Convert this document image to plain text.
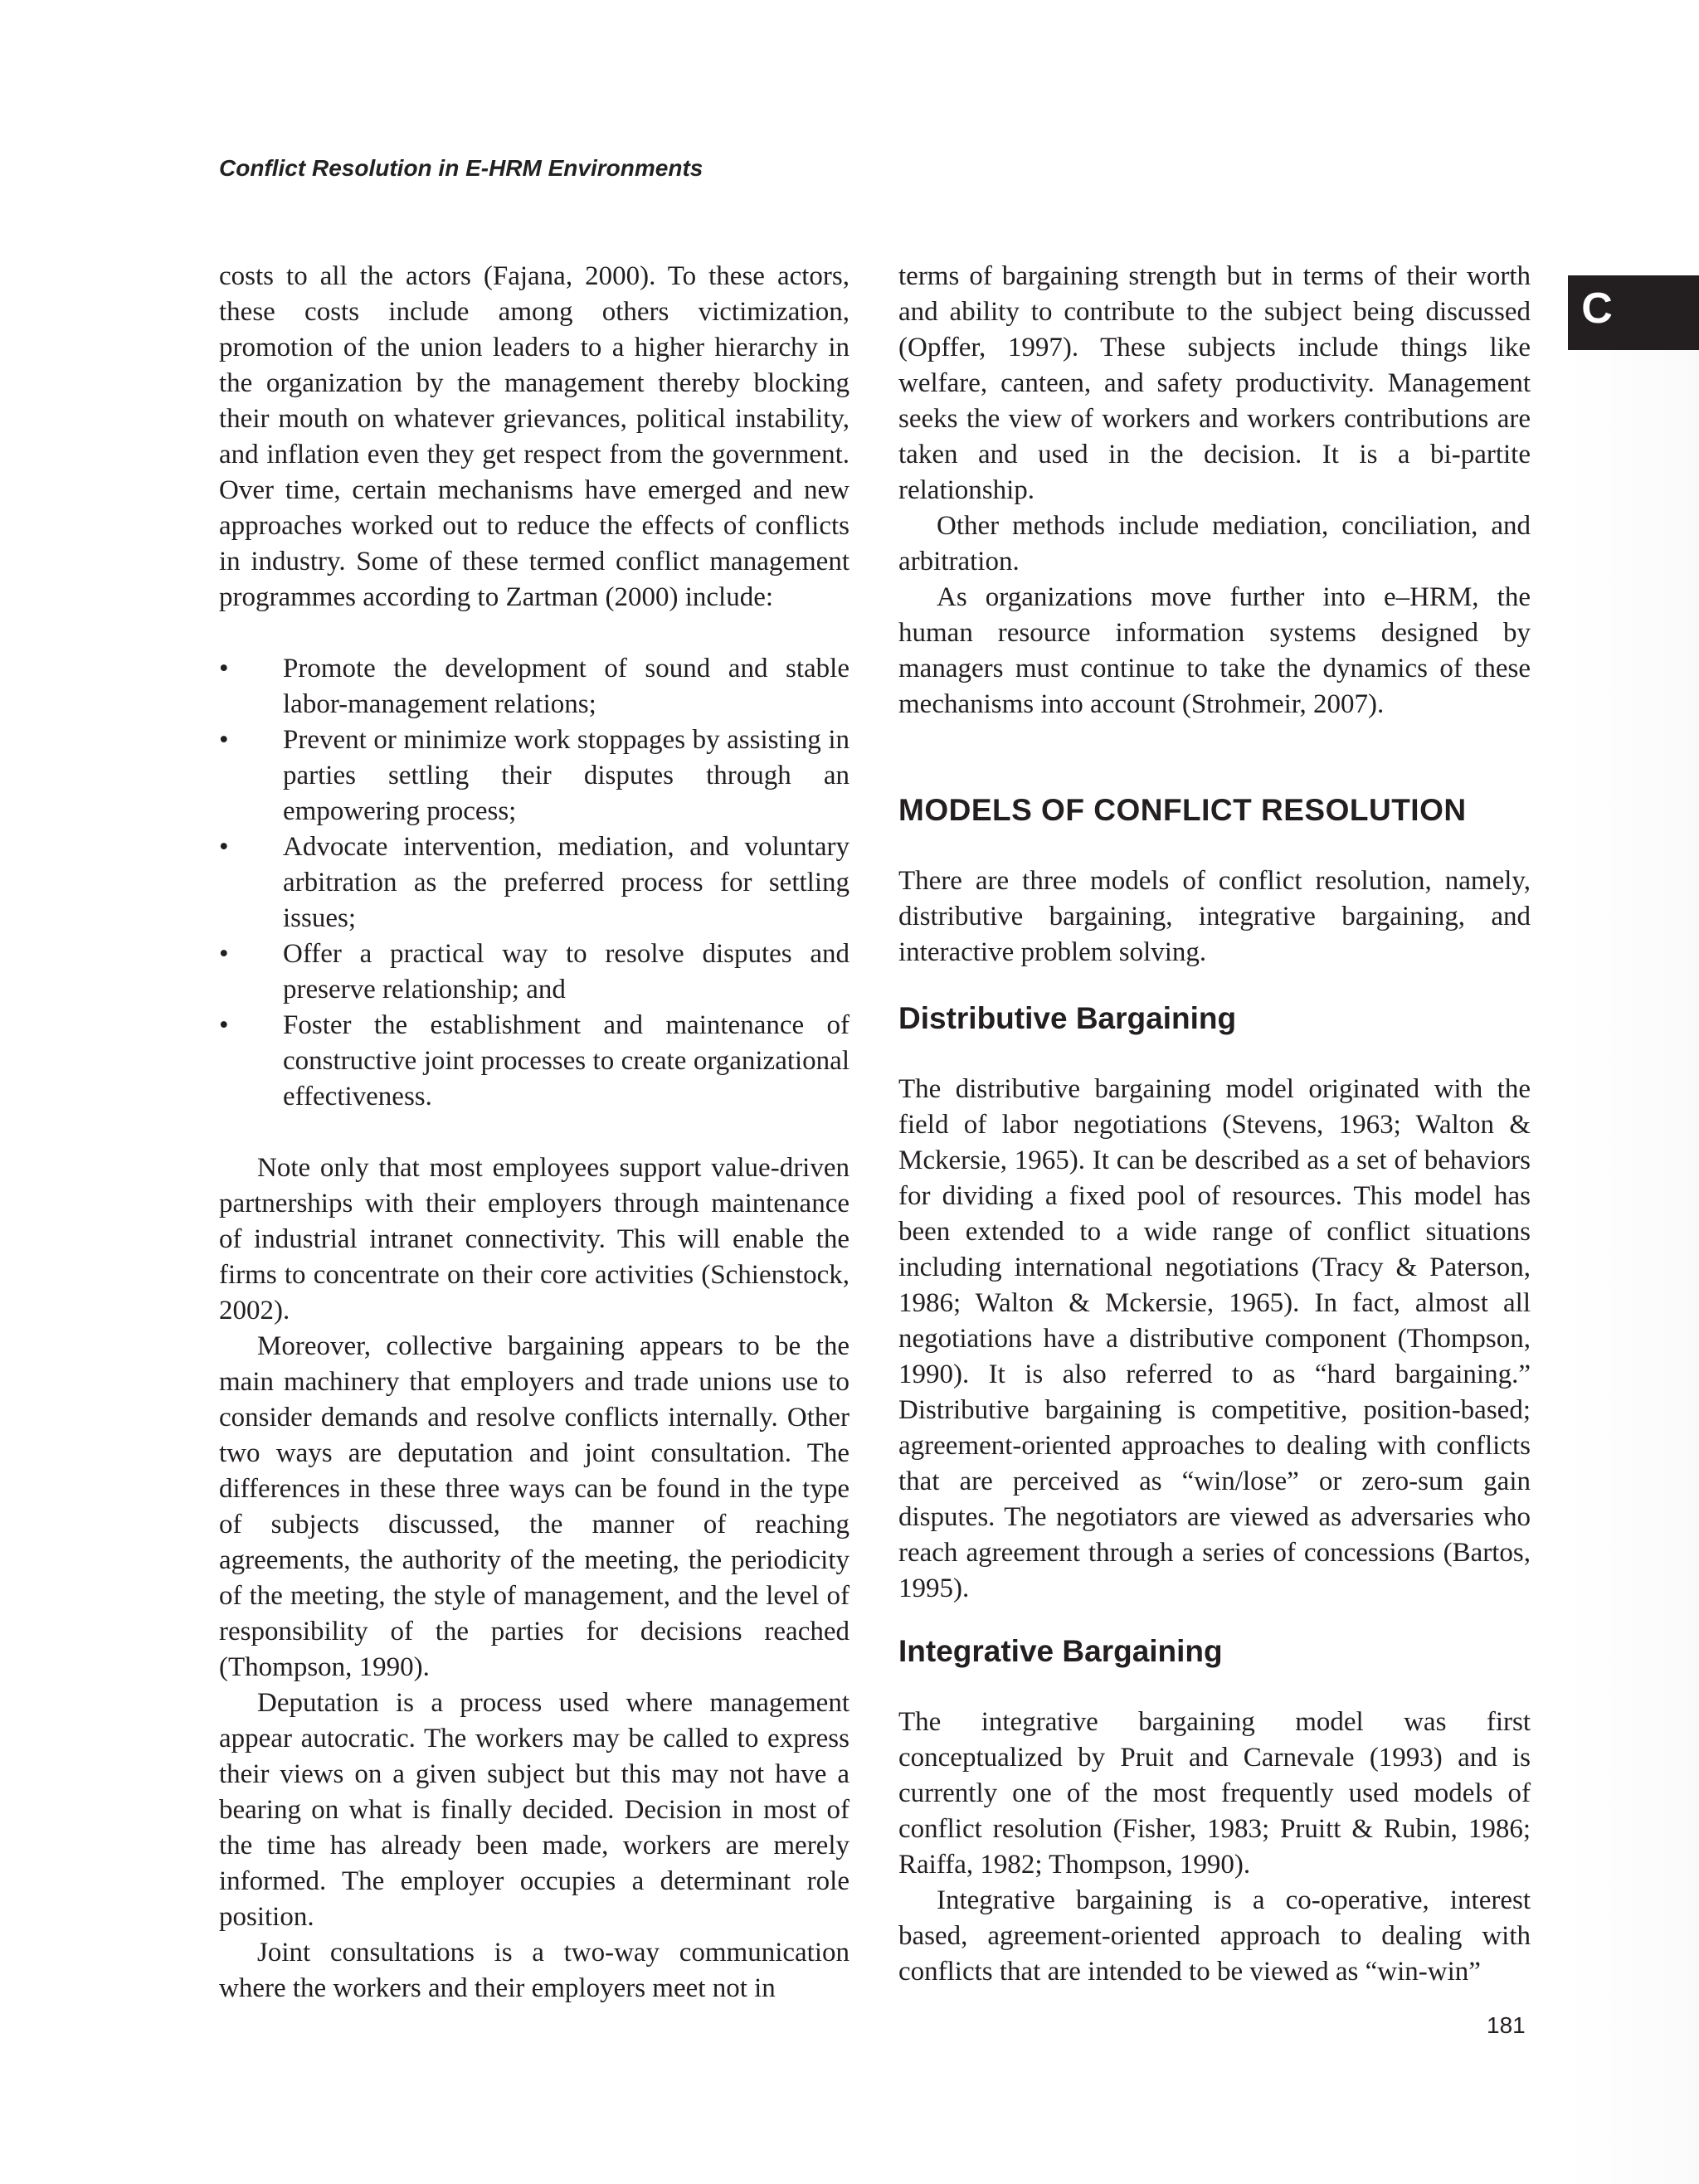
Conflict Resolution in E-HRM Environments
C

costs to all the actors (Fajana, 2000). To these actors, these costs include among others victimization, promotion of the union leaders to a higher hierarchy in the organization by the management thereby blocking their mouth on whatever grievances, political instability, and inflation even they get respect from the government. Over time, certain mechanisms have emerged and new approaches worked out to reduce the effects of conflicts in industry. Some of these termed conflict management programmes according to Zartman (2000) include:

• Promote the development of sound and stable labor-management relations;
• Prevent or minimize work stoppages by assisting in parties settling their disputes through an empowering process;
• Advocate intervention, mediation, and voluntary arbitration as the preferred process for settling issues;
• Offer a practical way to resolve disputes and preserve relationship; and
• Foster the establishment and maintenance of constructive joint processes to create organizational effectiveness.

Note only that most employees support value-driven partnerships with their employers through maintenance of industrial intranet connectivity. This will enable the firms to concentrate on their core activities (Schienstock, 2002).

Moreover, collective bargaining appears to be the main machinery that employers and trade unions use to consider demands and resolve conflicts internally. Other two ways are deputation and joint consultation. The differences in these three ways can be found in the type of subjects discussed, the manner of reaching agreements, the authority of the meeting, the periodicity of the meeting, the style of management, and the level of responsibility of the parties for decisions reached (Thompson, 1990).

Deputation is a process used where management appear autocratic. The workers may be called to express their views on a given subject but this may not have a bearing on what is finally decided. Decision in most of the time has already been made, workers are merely informed. The employer occupies a determinant role position.

Joint consultations is a two-way communication where the workers and their employers meet not in

terms of bargaining strength but in terms of their worth and ability to contribute to the subject being discussed (Opffer, 1997). These subjects include things like welfare, canteen, and safety productivity. Management seeks the view of workers and workers contributions are taken and used in the decision. It is a bi-partite relationship.

Other methods include mediation, conciliation, and arbitration.

As organizations move further into e–HRM, the human resource information systems designed by managers must continue to take the dynamics of these mechanisms into account (Strohmeir, 2007).

MODELS OF CONFLICT RESOLUTION

There are three models of conflict resolution, namely, distributive bargaining, integrative bargaining, and interactive problem solving.

Distributive Bargaining

The distributive bargaining model originated with the field of labor negotiations (Stevens, 1963; Walton & Mckersie, 1965). It can be described as a set of behaviors for dividing a fixed pool of resources. This model has been extended to a wide range of conflict situations including international negotiations (Tracy & Paterson, 1986; Walton & Mckersie, 1965). In fact, almost all negotiations have a distributive component (Thompson, 1990). It is also referred to as “hard bargaining.” Distributive bargaining is competitive, position-based; agreement-oriented approaches to dealing with conflicts that are perceived as “win/lose” or zero-sum gain disputes. The negotiators are viewed as adversaries who reach agreement through a series of concessions (Bartos, 1995).

Integrative Bargaining

The integrative bargaining model was first conceptualized by Pruit and Carnevale (1993) and is currently one of the most frequently used models of conflict resolution (Fisher, 1983; Pruitt & Rubin, 1986; Raiffa, 1982; Thompson, 1990).

Integrative bargaining is a co-operative, interest based, agreement-oriented approach to dealing with conflicts that are intended to be viewed as “win-win”

181
